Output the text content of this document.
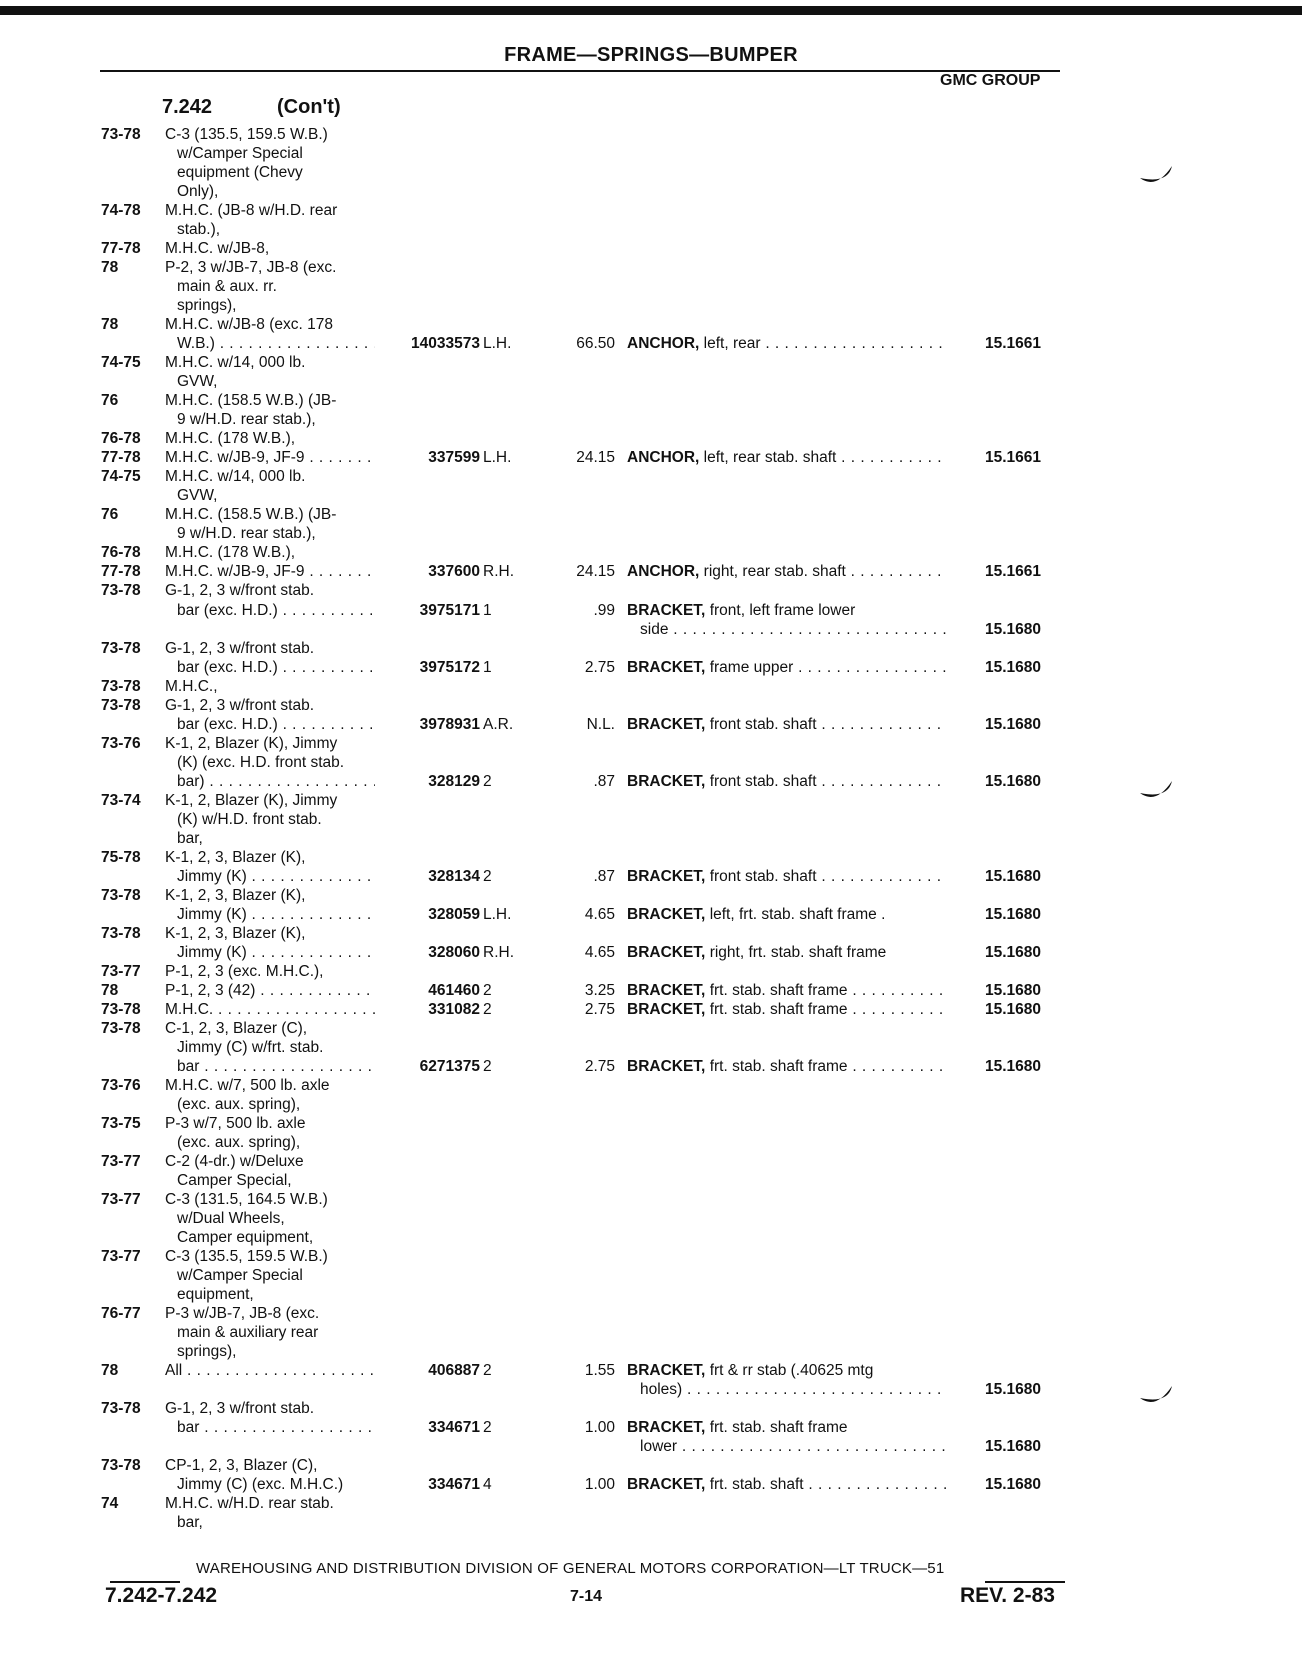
FRAME—SPRINGS—BUMPER
GMC GROUP
7.242	(Con't)
73-78	C-3 (135.5, 159.5 W.B.)
w/Camper Special
equipment (Chevy
Only),
74-78	M.H.C. (JB-8 w/H.D. rear
stab.),
77-78	M.H.C. w/JB-8,
78	P-2, 3 w/JB-7, JB-8 (exc.
main & aux. rr.
springs),
78	M.H.C. w/JB-8 (exc. 178
W.B.) . . .	14033573 L.H.	66.50 ANCHOR, left, rear . . .	15.1661
74-75	M.H.C. w/14, 000 lb.
GVW,
76	M.H.C. (158.5 W.B.) (JB-
9 w/H.D. rear stab.),
76-78	M.H.C. (178 W.B.),
77-78	M.H.C. w/JB-9, JF-9 . . .	337599 L.H.	24.15 ANCHOR, left, rear stab. shaft . . .	15.1661
74-75	M.H.C. w/14, 000 lb.
GVW,
76	M.H.C. (158.5 W.B.) (JB-
9 w/H.D. rear stab.),
76-78	M.H.C. (178 W.B.),
77-78	M.H.C. w/JB-9, JF-9 . . .	337600 R.H.	24.15 ANCHOR, right, rear stab. shaft . . .	15.1661
73-78	G-1, 2, 3 w/front stab.
bar (exc. H.D.) . . .	3975171 1	.99 BRACKET, front, left frame lower
side . . .	15.1680
73-78	G-1, 2, 3 w/front stab.
bar (exc. H.D.) . . .	3975172 1	2.75 BRACKET, frame upper . . .	15.1680
73-78	M.H.C.,
73-78	G-1, 2, 3 w/front stab.
bar (exc. H.D.) . . .	3978931 A.R.	N.L. BRACKET, front stab. shaft . . .	15.1680
73-76	K-1, 2, Blazer (K), Jimmy
(K) (exc. H.D. front stab.
bar) . . .	328129 2	.87 BRACKET, front stab. shaft . . .	15.1680
73-74	K-1, 2, Blazer (K), Jimmy
(K) w/H.D. front stab.
bar,
75-78	K-1, 2, 3, Blazer (K),
Jimmy (K) . . .	328134 2	.87 BRACKET, front stab. shaft . . .	15.1680
73-78	K-1, 2, 3, Blazer (K),
Jimmy (K) . . .	328059 L.H.	4.65 BRACKET, left, frt. stab. shaft frame .	15.1680
73-78	K-1, 2, 3, Blazer (K),
Jimmy (K) . . .	328060 R.H.	4.65 BRACKET, right, frt. stab. shaft frame	15.1680
73-77	P-1, 2, 3 (exc. M.H.C.),
78	P-1, 2, 3 (42) . . .	461460 2	3.25 BRACKET, frt. stab. shaft frame . . .	15.1680
73-78	M.H.C. . . .	331082 2	2.75 BRACKET, frt. stab. shaft frame . . .	15.1680
73-78	C-1, 2, 3, Blazer (C),
Jimmy (C) w/frt. stab.
bar . . .	6271375 2	2.75 BRACKET, frt. stab. shaft frame . . .	15.1680
73-76	M.H.C. w/7, 500 lb. axle
(exc. aux. spring),
73-75	P-3 w/7, 500 lb. axle
(exc. aux. spring),
73-77	C-2 (4-dr.) w/Deluxe
Camper Special,
73-77	C-3 (131.5, 164.5 W.B.)
w/Dual Wheels,
Camper equipment,
73-77	C-3 (135.5, 159.5 W.B.)
w/Camper Special
equipment,
76-77	P-3 w/JB-7, JB-8 (exc.
main & auxiliary rear
springs),
78	All . . .	406887 2	1.55 BRACKET, frt & rr stab (.40625 mtg
holes) . . .	15.1680
73-78	G-1, 2, 3 w/front stab.
bar . . .	334671 2	1.00 BRACKET, frt. stab. shaft frame
lower . . .	15.1680
73-78	CP-1, 2, 3, Blazer (C),
Jimmy (C) (exc. M.H.C.)	334671 4	1.00 BRACKET, frt. stab. shaft . . .	15.1680
74	M.H.C. w/H.D. rear stab.
bar,
WAREHOUSING AND DISTRIBUTION DIVISION OF GENERAL MOTORS CORPORATION—LT TRUCK—51
7.242-7.242	7-14	REV. 2-83
